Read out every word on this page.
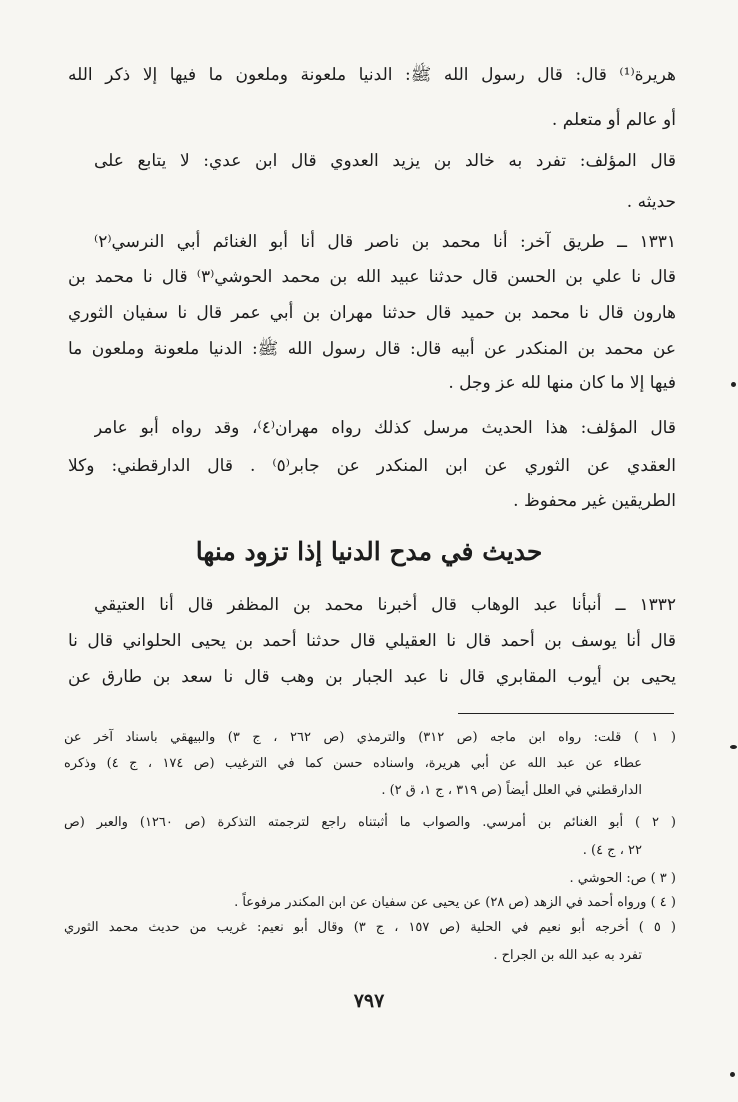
هريرة⁽¹⁾ قال: قال رسول الله ﷺ: الدنيا ملعونة وملعون ما فيها إلا ذكر الله
أو عالم أو متعلم .
قال المؤلف: تفرد به خالد بن يزيد العدوي قال ابن عدي: لا يتابع على
حديثه .
١٣٣١ ــ طريق آخر: أنا محمد بن ناصر قال أنا أبو الغنائم أبي النرسي⁽٢⁾
قال نا علي بن الحسن قال حدثنا عبيد الله بن محمد الحوشي⁽٣⁾ قال نا محمد بن
هارون قال نا محمد بن حميد قال حدثنا مهران بن أبي عمر قال نا سفيان الثوري
عن محمد بن المنكدر عن أبيه قال: قال رسول الله ﷺ: الدنيا ملعونة وملعون ما
فيها إلا ما كان منها لله عز وجل .
قال المؤلف: هذا الحديث مرسل كذلك رواه مهران⁽٤⁾، وقد رواه أبو عامر
العقدي عن الثوري عن ابن المنكدر عن جابر⁽٥⁾ . قال الدارقطني: وكلا
الطريقين غير محفوظ .
حديث في مدح الدنيا إذا تزود منها
١٣٣٢ ــ أنبأنا عبد الوهاب قال أخبرنا محمد بن المظفر قال أنا العتيقي
قال أنا يوسف بن أحمد قال نا العقيلي قال حدثنا أحمد بن يحيى الحلواني قال نا
يحيى بن أيوب المقابري قال نا عبد الجبار بن وهب قال نا سعد بن طارق عن
( ١ ) قلت: رواه ابن ماجه (ص ٣١٢) والترمذي (ص ٢٦٢ ، ج ٣) والبيهقي باسناد آخر عن
عطاء عن عبد الله عن أبي هريرة، واسناده حسن كما في الترغيب (ص ١٧٤ ، ج ٤) وذكره
الدارقطني في العلل أيضاً (ص ٣١٩ ، ج ١، ق ٢) .
( ٢ ) أبو الغنائم بن أمرسي. والصواب ما أثبتناه راجع لترجمته التذكرة (ص ١٢٦٠) والعبر (ص
٢٢ ، ج ٤) .
( ٣ ) ص: الحوشي .
( ٤ ) ورواه أحمد في الزهد (ص ٢٨) عن يحيى عن سفيان عن ابن المكندر مرفوعاً .
( ٥ ) أخرجه أبو نعيم في الحلية (ص ١٥٧ ، ج ٣) وقال أبو نعيم: غريب من حديث محمد الثوري
تفرد به عبد الله بن الجراح .
٧٩٧
